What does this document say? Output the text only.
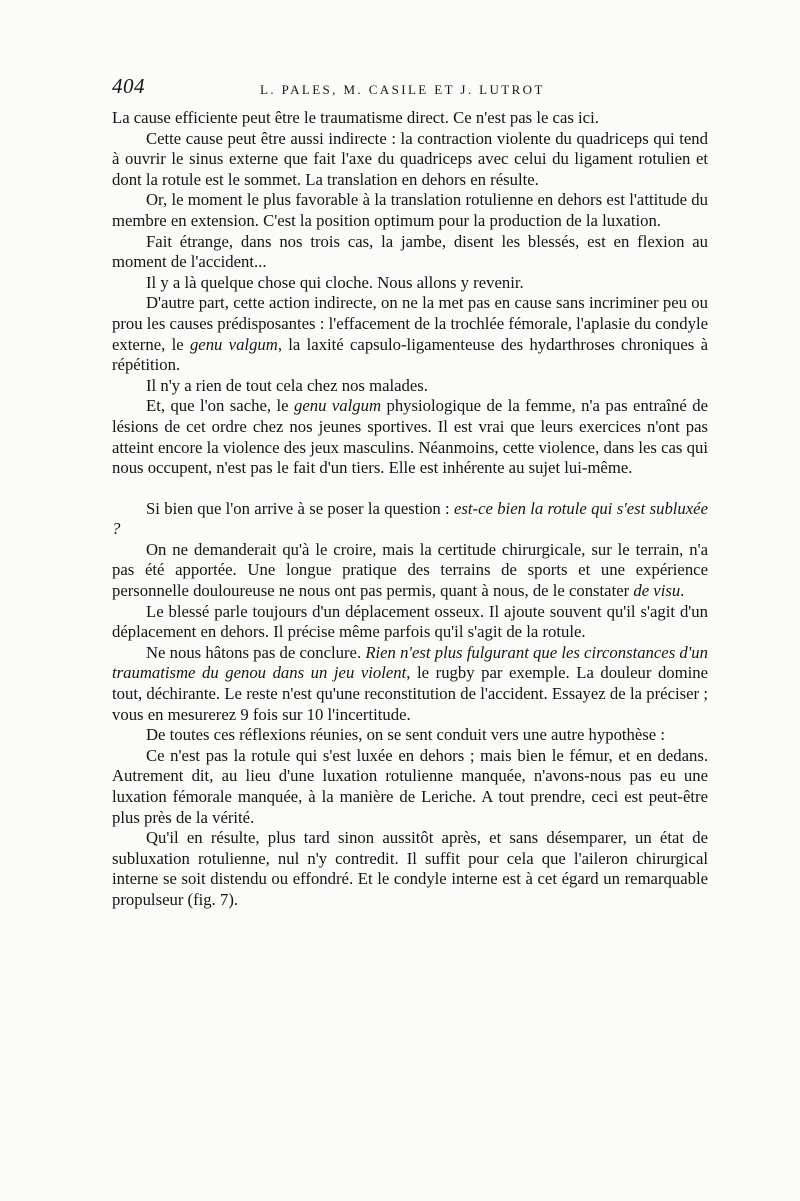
404	L. PALES, M. CASILE ET J. LUTROT

La cause efficiente peut être le traumatisme direct. Ce n'est pas le cas ici.

Cette cause peut être aussi indirecte : la contraction violente du quadriceps qui tend à ouvrir le sinus externe que fait l'axe du quadriceps avec celui du ligament rotulien et dont la rotule est le sommet. La translation en dehors en résulte.

Or, le moment le plus favorable à la translation rotulienne en dehors est l'attitude du membre en extension. C'est la position optimum pour la production de la luxation.

Fait étrange, dans nos trois cas, la jambe, disent les blessés, est en flexion au moment de l'accident...

Il y a là quelque chose qui cloche. Nous allons y revenir.

D'autre part, cette action indirecte, on ne la met pas en cause sans incriminer peu ou prou les causes prédisposantes : l'effacement de la trochlée fémorale, l'aplasie du condyle externe, le genu valgum, la laxité capsulo-ligamenteuse des hydarthroses chroniques à répétition.

Il n'y a rien de tout cela chez nos malades.

Et, que l'on sache, le genu valgum physiologique de la femme, n'a pas entraîné de lésions de cet ordre chez nos jeunes sportives. Il est vrai que leurs exercices n'ont pas atteint encore la violence des jeux masculins. Néanmoins, cette violence, dans les cas qui nous occupent, n'est pas le fait d'un tiers. Elle est inhérente au sujet lui-même.

Si bien que l'on arrive à se poser la question : est-ce bien la rotule qui s'est subluxée ?

On ne demanderait qu'à le croire, mais la certitude chirurgicale, sur le terrain, n'a pas été apportée. Une longue pratique des terrains de sports et une expérience personnelle douloureuse ne nous ont pas permis, quant à nous, de le constater de visu.

Le blessé parle toujours d'un déplacement osseux. Il ajoute souvent qu'il s'agit d'un déplacement en dehors. Il précise même parfois qu'il s'agit de la rotule.

Ne nous hâtons pas de conclure. Rien n'est plus fulgurant que les circonstances d'un traumatisme du genou dans un jeu violent, le rugby par exemple. La douleur domine tout, déchirante. Le reste n'est qu'une reconstitution de l'accident. Essayez de la préciser ; vous en mesurerez 9 fois sur 10 l'incertitude.

De toutes ces réflexions réunies, on se sent conduit vers une autre hypothèse :

Ce n'est pas la rotule qui s'est luxée en dehors ; mais bien le fémur, et en dedans. Autrement dit, au lieu d'une luxation rotulienne manquée, n'avons-nous pas eu une luxation fémorale manquée, à la manière de Leriche. A tout prendre, ceci est peut-être plus près de la vérité.

Qu'il en résulte, plus tard sinon aussitôt après, et sans désemparer, un état de subluxation rotulienne, nul n'y contredit. Il suffit pour cela que l'aileron chirurgical interne se soit distendu ou effondré. Et le condyle interne est à cet égard un remarquable propulseur (fig. 7).
